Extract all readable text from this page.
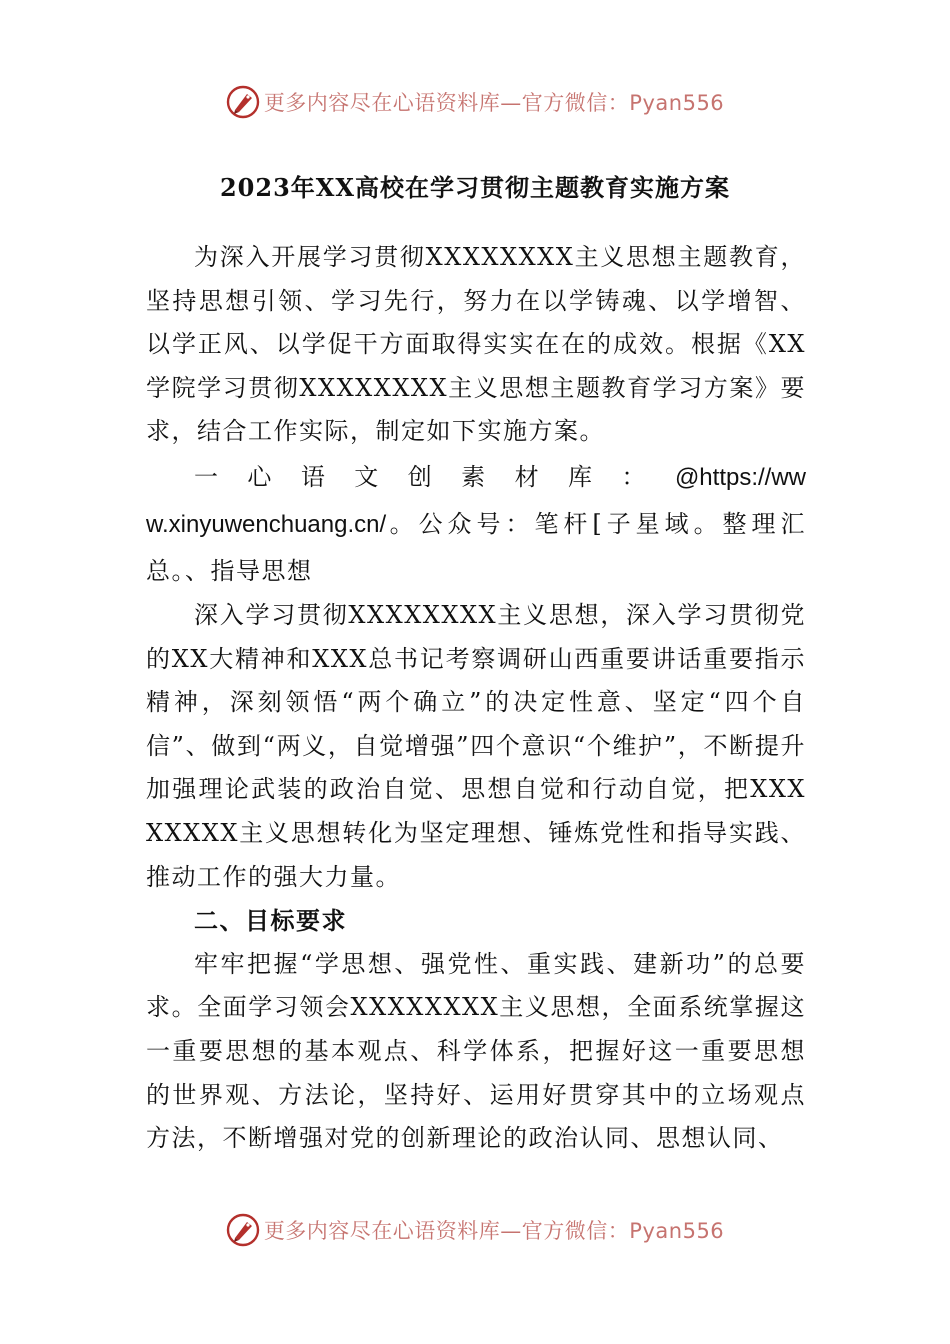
更多内容尽在心语资料库—官方微信：Pyan556
2023年XX高校在学习贯彻主题教育实施方案

为深入开展学习贯彻XXXXXXXX主义思想主题教育，坚持思想引领、学习先行，努力在以学铸魂、以学增智、以学正风、以学促干方面取得实实在在的成效。根据《XX学院学习贯彻XXXXXXXX主义思想主题教育学习方案》要求，结合工作实际，制定如下实施方案。

一心语文创素材库：@https://www.xinyuwenchuang.cn/。公众号：笔杆[子星域。整理汇总。、指导思想

深入学习贯彻XXXXXXXX主义思想，深入学习贯彻党的XX大精神和XXX总书记考察调研山西重要讲话重要指示精神，深刻领悟“两个确立”的决定性意、坚定“四个自信”、做到“两义，自觉增强”四个意识“个维护”，不断提升加强理论武装的政治自觉、思想自觉和行动自觉，把XXXXXXXX主义思想转化为坚定理想、锤炼党性和指导实践、推动工作的强大力量。

二、目标要求

牢牢把握“学思想、强党性、重实践、建新功”的总要求。全面学习领会XXXXXXXX主义思想，全面系统掌握这一重要思想的基本观点、科学体系，把握好这一重要思想的世界观、方法论，坚持好、运用好贯穿其中的立场观点方法，不断增强对党的创新理论的政治认同、思想认同、

更多内容尽在心语资料库—官方微信：Pyan556
